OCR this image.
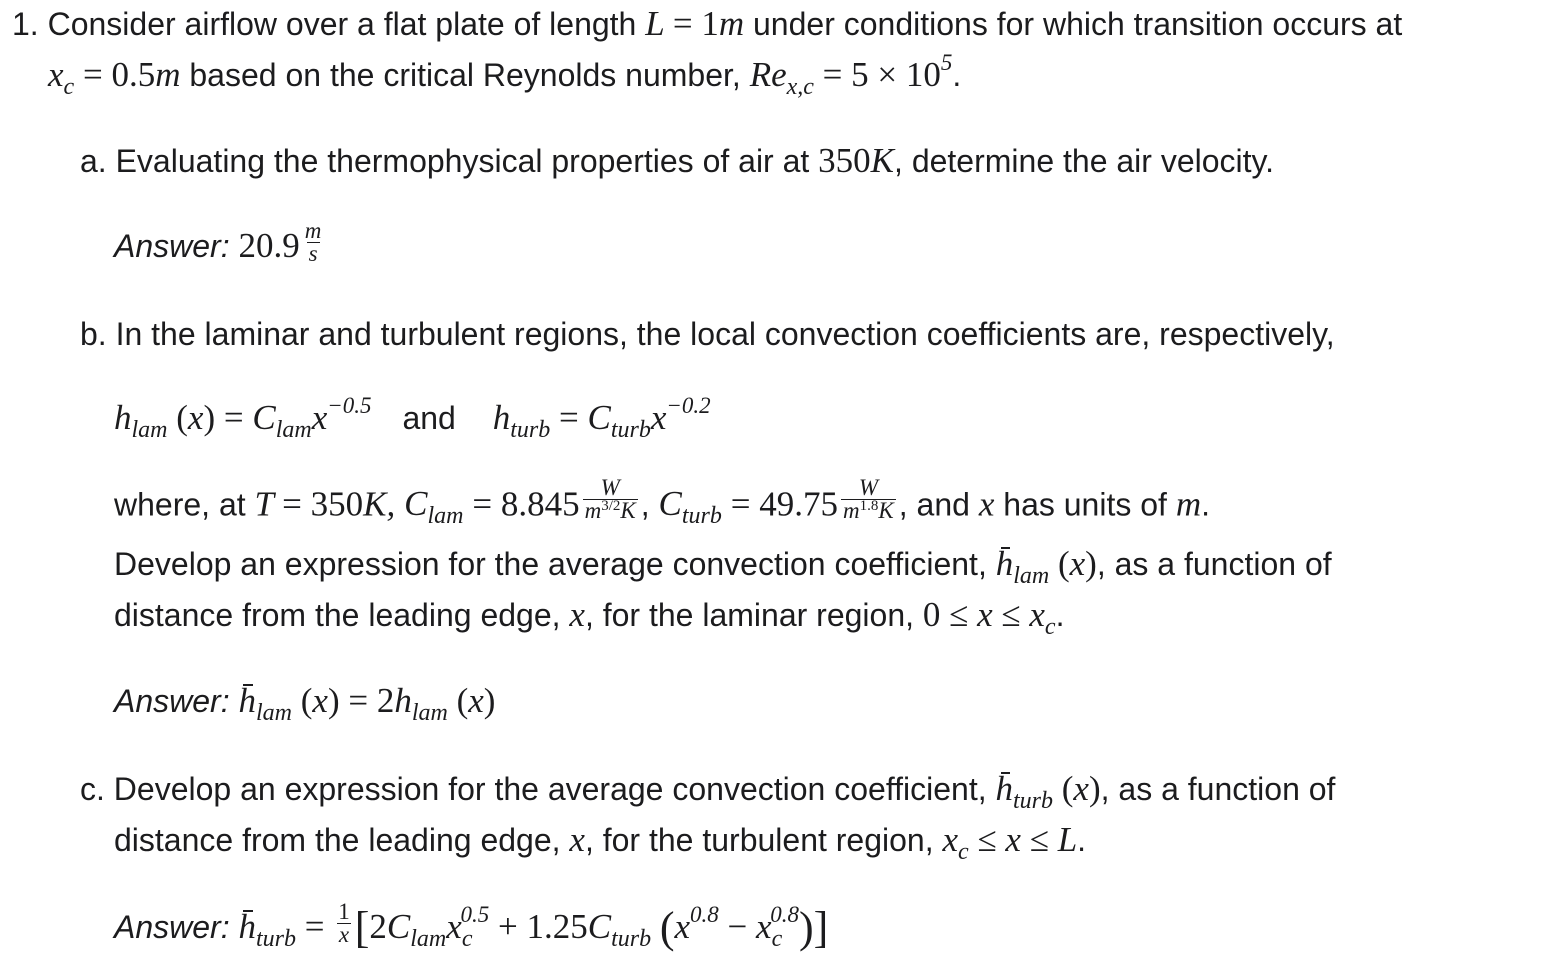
1. Consider airflow over a flat plate of length L = 1m under conditions for which transition occurs at
$x_c = 0.5m$ based on the critical Reynolds number, $Re_{x,c} = 5 \times 10^5$.
a. Evaluating the thermophysical properties of air at 350K, determine the air velocity.
Answer: $20.9 \frac{m}{s}$
b. In the laminar and turbulent regions, the local convection coefficients are, respectively,
$h_{lam}$ $(x) = C_{lam}x^{-0.5}$ and $h_{turb} = C_{turb}x^{-0.2}$
where, at T = 350K, $C_{lam} = 8.845 \frac{W}{m^{3/2}K}$ , $C_{turb} = 49.75 \frac{W}{m^{1.8}K}$ , and x has units of m.
Develop an expression for the average convection coefficient, $h_{lam}$ (x), as a function of
distance from the leading edge, x, for the laminar region, $0 \le x \le x_c$.
Answer: $h_{lam}$ $(x) = 2h_{lam}$ (x)
c. Develop an expression for the average convection coefficient, $h_{turb}$ (x), as a function of
distance from the leading edge, x, for the turbulent region, $x_c \le x \le L$.
Answer: $h_{turb} = \frac{1}{x} [2C_{lam}x_c^{0.5} + 1.25C_{turb}$ $(x^{0.8} - x_c^{0.8})$]
